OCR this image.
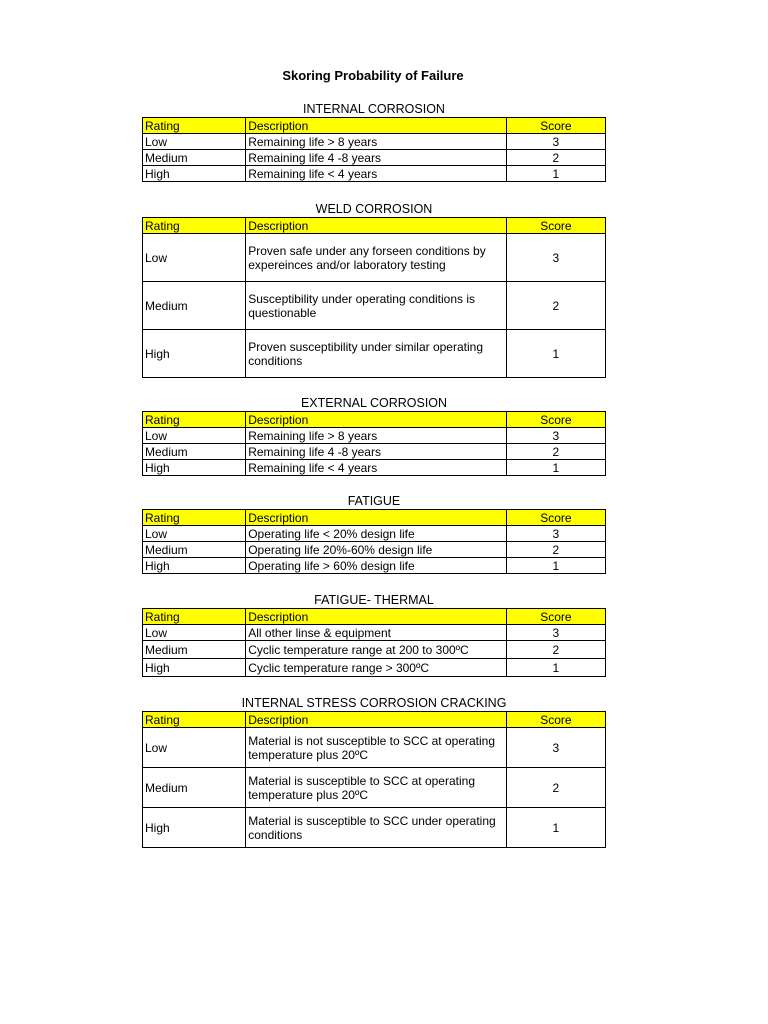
Skoring Probability of Failure
INTERNAL CORROSION
Rating	Description	Score
Low	Remaining life > 8 years	3
Medium	Remaining life 4 -8 years	2
High	Remaining life < 4 years	1
WELD CORROSION
Rating	Description	Score
Low	Proven safe under any forseen conditions by expereinces and/or laboratory testing	3
Medium	Susceptibility under operating conditions is questionable	2
High	Proven susceptibility under similar operating conditions	1
EXTERNAL CORROSION
Rating	Description	Score
Low	Remaining life > 8 years	3
Medium	Remaining life 4 -8 years	2
High	Remaining life < 4 years	1
FATIGUE
Rating	Description	Score
Low	Operating life < 20% design life	3
Medium	Operating life 20%-60% design life	2
High	Operating life > 60% design life	1
FATIGUE- THERMAL
Rating	Description	Score
Low	All other linse & equipment	3
Medium	Cyclic temperature range at 200 to 300ºC	2
High	Cyclic temperature range > 300ºC	1
INTERNAL STRESS CORROSION CRACKING
Rating	Description	Score
Low	Material is not susceptible to SCC at operating temperature plus 20ºC	3
Medium	Material is susceptible to SCC at operating temperature plus 20ºC	2
High	Material is susceptible to SCC under operating conditions	1
